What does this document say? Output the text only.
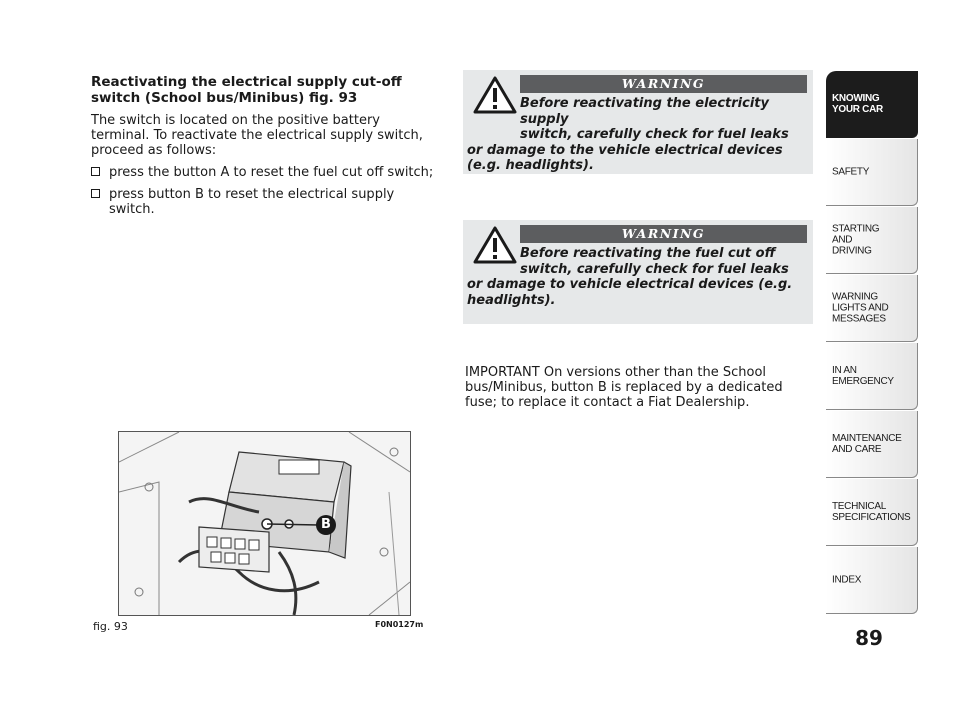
Reactivating the electrical supply cut-off switch (School bus/Minibus) fig. 93
The switch is located on the positive battery terminal. To reactivate the electrical supply switch, proceed as follows:
press the button A to reset the fuel cut off switch;
press button B to reset the electrical supply switch.
WARNING
Before reactivating the electricity supply
switch, carefully check for fuel leaks
or damage to the vehicle electrical devices (e.g. headlights).
WARNING
Before reactivating the fuel cut off
switch, carefully check for fuel leaks
or damage to vehicle electrical devices (e.g. headlights).
IMPORTANT On versions other than the School bus/Minibus, button B is replaced by a dedicated fuse; to replace it contact a Fiat Dealership.
B
fig. 93	F0N0127m
KNOWING
YOUR CAR
SAFETY
STARTING
AND
DRIVING
WARNING
LIGHTS AND
MESSAGES
IN AN
EMERGENCY
MAINTENANCE
AND CARE
TECHNICAL
SPECIFICATIONS
INDEX
89
